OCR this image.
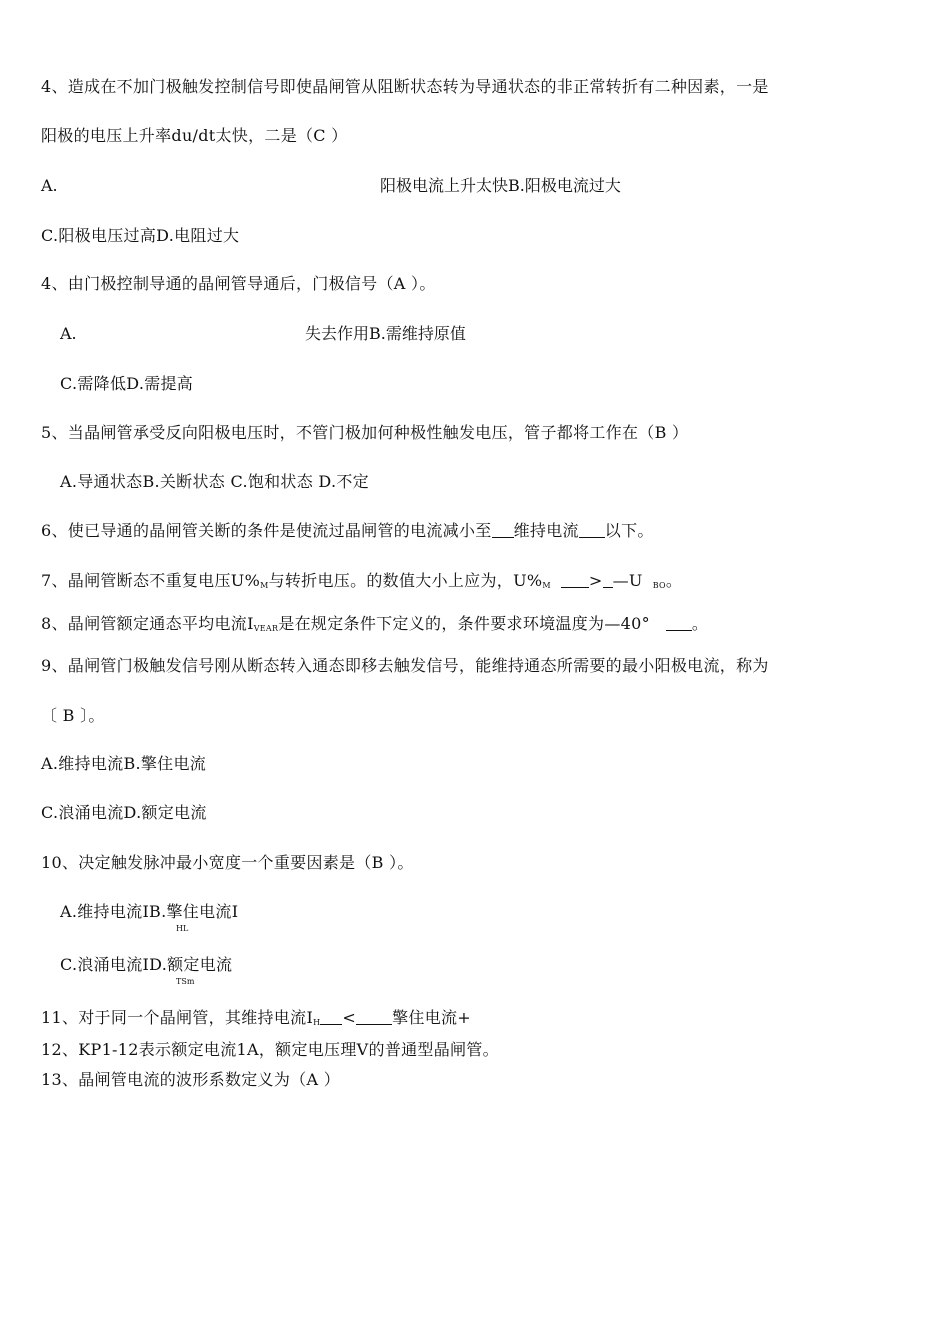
4、造成在不加门极触发控制信号即使晶闸管从阻断状态转为导通状态的非正常转折有二种因素，一是
阳极的电压上升率du/dt太快，二是（C ）
A.	阳极电流上升太快B.阳极电流过大
C.阳极电压过高D.电阻过大
4、由门极控制导通的晶闸管导通后，门极信号（A ）。
A.	失去作用B.需维持原值
C.需降低D.需提高
5、当晶闸管承受反向阳极电压时，不管门极加何种极性触发电压，管子都将工作在（B ）
A.导通状态B.关断状态 C.饱和状态 D.不定
6、使已导通的晶闸管关断的条件是使流过晶闸管的电流减小至 维持电流 以下。
7、晶闸管断态不重复电压$U\%_M$与转折电压。的数值大小上应为，$U\%_M$ > —U $_{BO}$。
8、晶闸管额定通态平均电流$I_{VEAR}$是在规定条件下定义的，条件要求环境温度为—40°	。
9、晶闸管门极触发信号刚从断态转入通态即移去触发信号，能维持通态所需要的最小阳极电流，称为
〔 B 〕。
A.维持电流B.擎住电流
C.浪涌电流D.额定电流
10、决定触发脉冲最小宽度一个重要因素是（B ）。
A.维持电流IB.擎住电流I
HL
C.浪涌电流ID.额定电流
TSm
11、对于同一个晶闸管，其维持电流$I_H$ < 擎住电流+
12、KP1-12表示额定电流1A，额定电压理V的普通型晶闸管。
13、晶闸管电流的波形系数定义为（A ）
